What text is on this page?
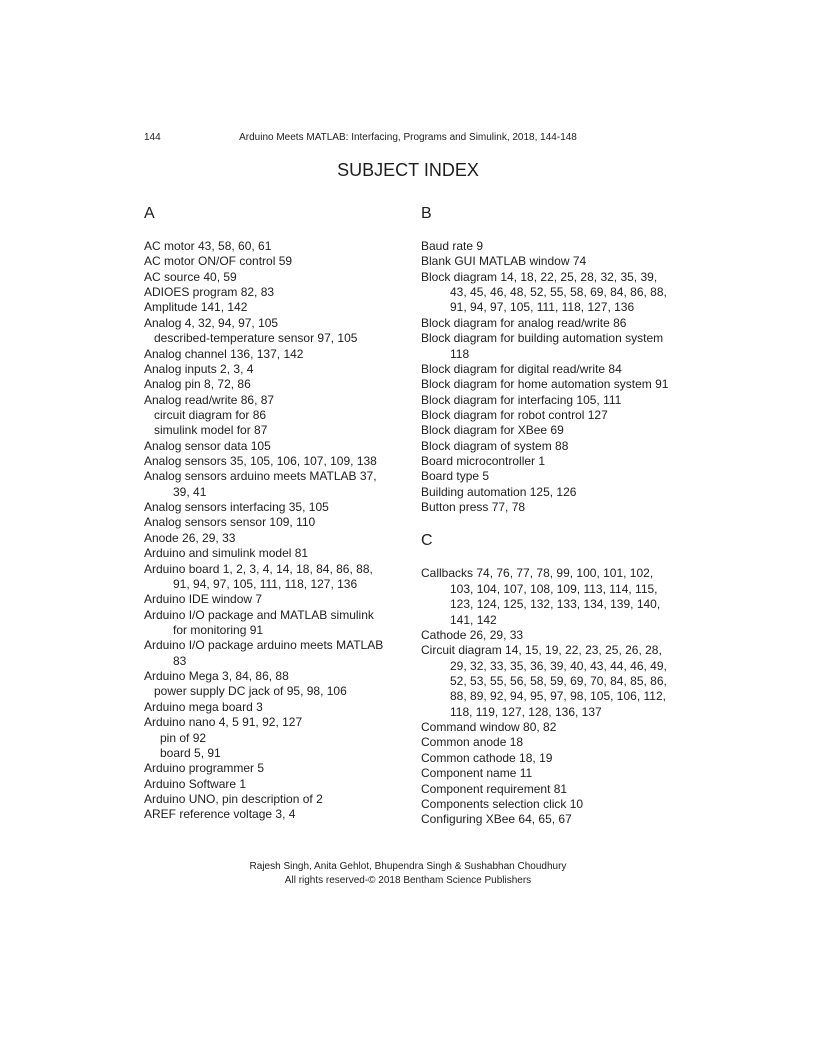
144	Arduino Meets MATLAB: Interfacing, Programs and Simulink, 2018, 144-148
SUBJECT INDEX
A
AC motor 43, 58, 60, 61
AC motor ON/OF control 59
AC source 40, 59
ADIOES program 82, 83
Amplitude 141, 142
Analog 4, 32, 94, 97, 105
described-temperature sensor 97, 105
Analog channel 136, 137, 142
Analog inputs 2, 3, 4
Analog pin 8, 72, 86
Analog read/write 86, 87
circuit diagram for 86
simulink model for 87
Analog sensor data 105
Analog sensors 35, 105, 106, 107, 109, 138
Analog sensors arduino meets MATLAB 37,
39, 41
Analog sensors interfacing 35, 105
Analog sensors sensor 109, 110
Anode 26, 29, 33
Arduino and simulink model 81
Arduino board 1, 2, 3, 4, 14, 18, 84, 86, 88,
91, 94, 97, 105, 111, 118, 127, 136
Arduino IDE window 7
Arduino I/O package and MATLAB simulink
for monitoring 91
Arduino I/O package arduino meets MATLAB
83
Arduino Mega 3, 84, 86, 88
power supply DC jack of 95, 98, 106
Arduino mega board 3
Arduino nano 4, 5 91, 92, 127
pin of 92
board 5, 91
Arduino programmer 5
Arduino Software 1
Arduino UNO, pin description of 2
AREF reference voltage 3, 4
B
Baud rate 9
Blank GUI MATLAB window 74
Block diagram 14, 18, 22, 25, 28, 32, 35, 39,
43, 45, 46, 48, 52, 55, 58, 69, 84, 86, 88,
91, 94, 97, 105, 111, 118, 127, 136
Block diagram for analog read/write 86
Block diagram for building automation system
118
Block diagram for digital read/write 84
Block diagram for home automation system 91
Block diagram for interfacing 105, 111
Block diagram for robot control 127
Block diagram for XBee 69
Block diagram of system 88
Board microcontroller 1
Board type 5
Building automation 125, 126
Button press 77, 78
C
Callbacks 74, 76, 77, 78, 99, 100, 101, 102,
103, 104, 107, 108, 109, 113, 114, 115,
123, 124, 125, 132, 133, 134, 139, 140,
141, 142
Cathode 26, 29, 33
Circuit diagram 14, 15, 19, 22, 23, 25, 26, 28,
29, 32, 33, 35, 36, 39, 40, 43, 44, 46, 49,
52, 53, 55, 56, 58, 59, 69, 70, 84, 85, 86,
88, 89, 92, 94, 95, 97, 98, 105, 106, 112,
118, 119, 127, 128, 136, 137
Command window 80, 82
Common anode 18
Common cathode 18, 19
Component name 11
Component requirement 81
Components selection click 10
Configuring XBee 64, 65, 67
Rajesh Singh, Anita Gehlot, Bhupendra Singh & Sushabhan Choudhury
All rights reserved-© 2018 Bentham Science Publishers
